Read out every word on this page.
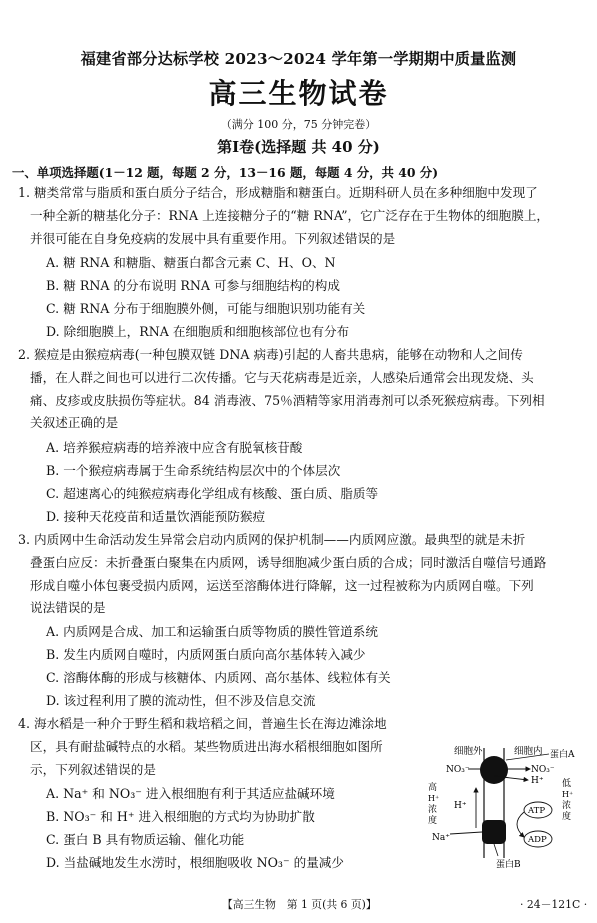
福建省部分达标学校 2023～2024 学年第一学期期中质量监测
高三生物试卷
（满分 100 分，75 分钟完卷）
第Ⅰ卷(选择题 共 40 分)
一、单项选择题(1－12 题，每题 2 分，13－16 题，每题 4 分，共 40 分)
1. 糖类常常与脂质和蛋白质分子结合，形成糖脂和糖蛋白。近期科研人员在多种细胞中发现了
一种全新的糖基化分子：RNA 上连接糖分子的“糖 RNA”，它广泛存在于生物体的细胞膜上，
并很可能在自身免疫病的发展中具有重要作用。下列叙述错误的是
A. 糖 RNA 和糖脂、糖蛋白都含元素 C、H、O、N
B. 糖 RNA 的分布说明 RNA 可参与细胞结构的构成
C. 糖 RNA 分布于细胞膜外侧，可能与细胞识别功能有关
D. 除细胞膜上，RNA 在细胞质和细胞核部位也有分布
2. 猴痘是由猴痘病毒(一种包膜双链 DNA 病毒)引起的人畜共患病，能够在动物和人之间传
播，在人群之间也可以进行二次传播。它与天花病毒是近亲，人感染后通常会出现发烧、头
痛、皮疹或皮肤损伤等症状。84 消毒液、75％酒精等家用消毒剂可以杀死猴痘病毒。下列相
关叙述正确的是
A. 培养猴痘病毒的培养液中应含有脱氧核苷酸
B. 一个猴痘病毒属于生命系统结构层次中的个体层次
C. 超速离心的纯猴痘病毒化学组成有核酸、蛋白质、脂质等
D. 接种天花疫苗和适量饮酒能预防猴痘
3. 内质网中生命活动发生异常会启动内质网的保护机制——内质网应激。最典型的就是未折
叠蛋白应反：未折叠蛋白聚集在内质网，诱导细胞减少蛋白质的合成；同时激活自噬信号通路
形成自噬小体包裹受损内质网，运送至溶酶体进行降解，这一过程被称为内质网自噬。下列
说法错误的是
A. 内质网是合成、加工和运输蛋白质等物质的膜性管道系统
B. 发生内质网自噬时，内质网蛋白质向高尔基体转入减少
C. 溶酶体酶的形成与核糖体、内质网、高尔基体、线粒体有关
D. 该过程利用了膜的流动性，但不涉及信息交流
4. 海水稻是一种介于野生稻和栽培稻之间，普遍生长在海边滩涂地
区，具有耐盐碱特点的水稻。某些物质进出海水稻根细胞如图所
示，下列叙述错误的是
A. Na⁺ 和 NO₃⁻ 进入根细胞有利于其适应盐碱环境
B. NO₃⁻ 和 H⁺ 进入根细胞的方式均为协助扩散
C. 蛋白 B 具有物质运输、催化功能
D. 当盐碱地发生水涝时，根细胞吸收 NO₃⁻ 的量减少
细胞外	细胞内 蛋白A
NO₃⁻	NO₃⁻
H⁺
H⁺
高
H⁺
浓
度
低
H⁺
浓
度
Na⁺
蛋白B
ATP
ADP
【高三生物　第 1 页(共 6 页)】	· 24－121C ·
